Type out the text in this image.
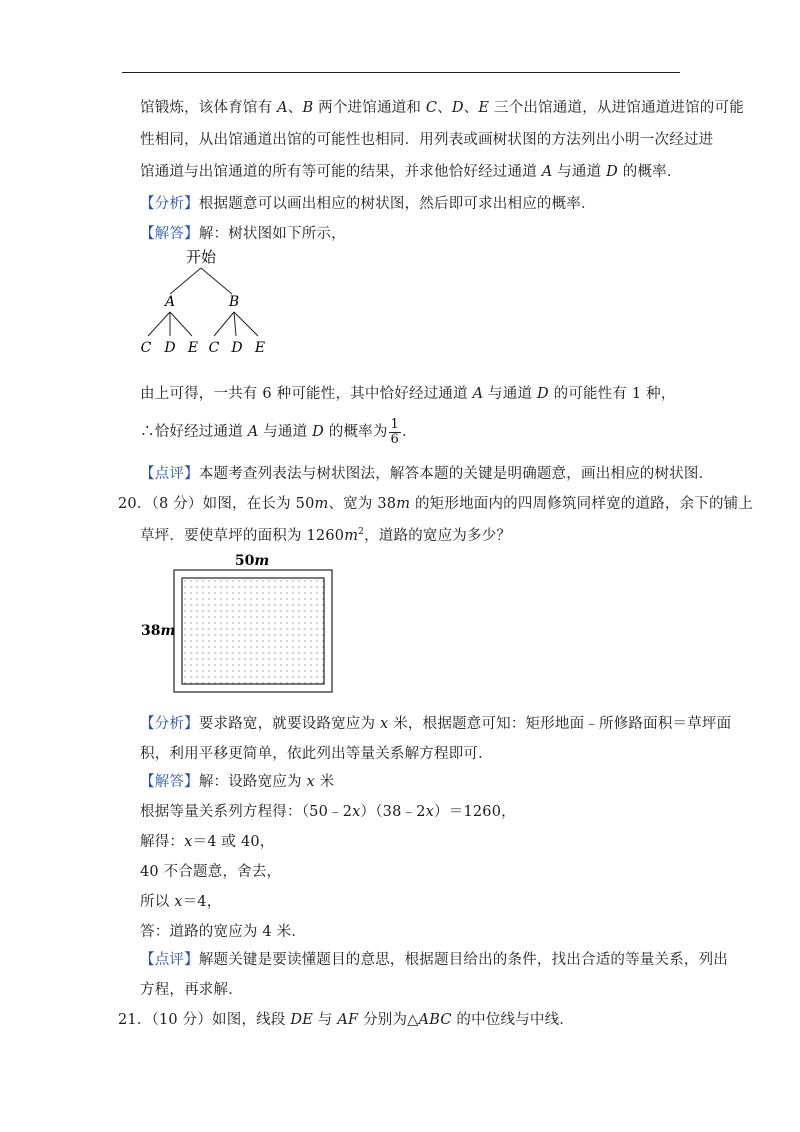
馆锻炼，该体育馆有 A、B 两个进馆通道和 C、D、E 三个出馆通道，从进馆通道进馆的可能
性相同，从出馆通道出馆的可能性也相同．用列表或画树状图的方法列出小明一次经过进
馆通道与出馆通道的所有等可能的结果，并求他恰好经过通道 A 与通道 D 的概率．
【分析】根据题意可以画出相应的树状图，然后即可求出相应的概率．
【解答】解：树状图如下所示，
开始
A	B
C D E C D E
由上可得，一共有 6 种可能性，其中恰好经过通道 A 与通道 D 的可能性有 1 种，
∴恰好经过通道 A 与通道 D 的概率为 $\frac{1}{6}$ ．
【点评】本题考查列表法与树状图法，解答本题的关键是明确题意，画出相应的树状图．
20．（8 分）如图，在长为 50m、宽为 38m 的矩形地面内的四周修筑同样宽的道路，余下的铺上
草坪．要使草坪的面积为 $1260m^2$，道路的宽应为多少？
50m
38m
【分析】要求路宽，就要设路宽应为 x 米，根据题意可知：矩形地面﹣所修路面积＝草坪面
积，利用平移更简单，依此列出等量关系解方程即可．
【解答】解：设路宽应为 x 米
根据等量关系列方程得：（50﹣2x）（38﹣2x）＝1260，
解得：x＝4 或 40，
40 不合题意，舍去，
所以 x＝4，
答：道路的宽应为 4 米．
【点评】解题关键是要读懂题目的意思，根据题目给出的条件，找出合适的等量关系，列出
方程，再求解．
21．（10 分）如图，线段 DE 与 AF 分别为△ABC 的中位线与中线．
